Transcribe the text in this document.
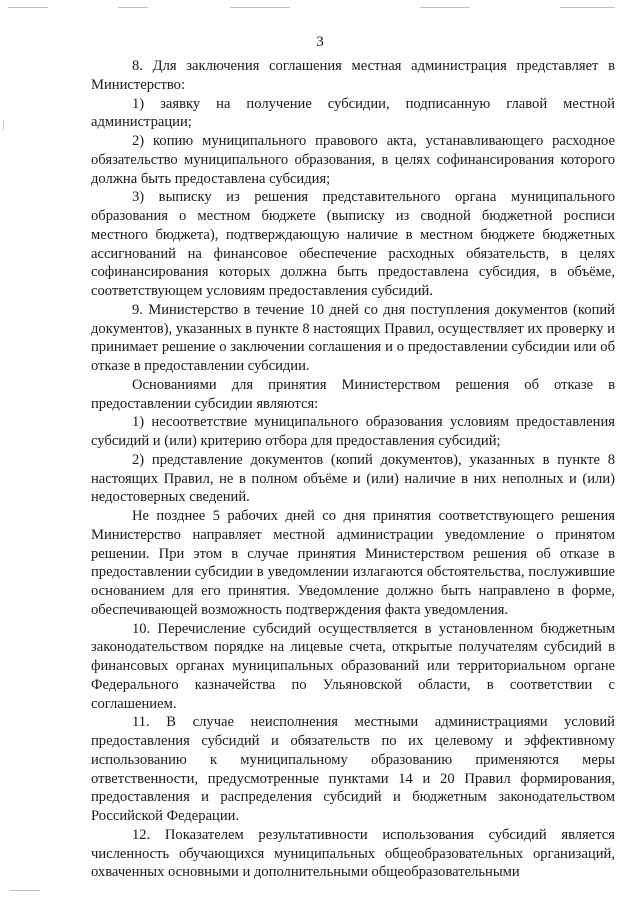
3

8. Для заключения соглашения местная администрация представляет в Министерство:

1) заявку на получение субсидии, подписанную главой местной администрации;

2) копию муниципального правового акта, устанавливающего расходное обязательство муниципального образования, в целях софинансирования которого должна быть предоставлена субсидия;

3) выписку из решения представительного органа муниципального образования о местном бюджете (выписку из сводной бюджетной росписи местного бюджета), подтверждающую наличие в местном бюджете бюджетных ассигнований на финансовое обеспечение расходных обязательств, в целях софинансирования которых должна быть предоставлена субсидия, в объёме, соответствующем условиям предоставления субсидий.

9. Министерство в течение 10 дней со дня поступления документов (копий документов), указанных в пункте 8 настоящих Правил, осуществляет их проверку и принимает решение о заключении соглашения и о предоставлении субсидии или об отказе в предоставлении субсидии.

Основаниями для принятия Министерством решения об отказе в предоставлении субсидии являются:

1) несоответствие муниципального образования условиям предоставления субсидий и (или) критерию отбора для предоставления субсидий;

2) представление документов (копий документов), указанных в пункте 8 настоящих Правил, не в полном объёме и (или) наличие в них неполных и (или) недостоверных сведений.

Не позднее 5 рабочих дней со дня принятия соответствующего решения Министерство направляет местной администрации уведомление о принятом решении. При этом в случае принятия Министерством решения об отказе в предоставлении субсидии в уведомлении излагаются обстоятельства, послужившие основанием для его принятия. Уведомление должно быть направлено в форме, обеспечивающей возможность подтверждения факта уведомления.

10. Перечисление субсидий осуществляется в установленном бюджетным законодательством порядке на лицевые счета, открытые получателям субсидий в финансовых органах муниципальных образований или территориальном органе Федерального казначейства по Ульяновской области, в соответствии с соглашением.

11. В случае неисполнения местными администрациями условий предоставления субсидий и обязательств по их целевому и эффективному использованию к муниципальному образованию применяются меры ответственности, предусмотренные пунктами 14 и 20 Правил формирования, предоставления и распределения субсидий и бюджетным законодательством Российской Федерации.

12. Показателем результативности использования субсидий является численность обучающихся муниципальных общеобразовательных организаций, охваченных основными и дополнительными общеобразовательными
